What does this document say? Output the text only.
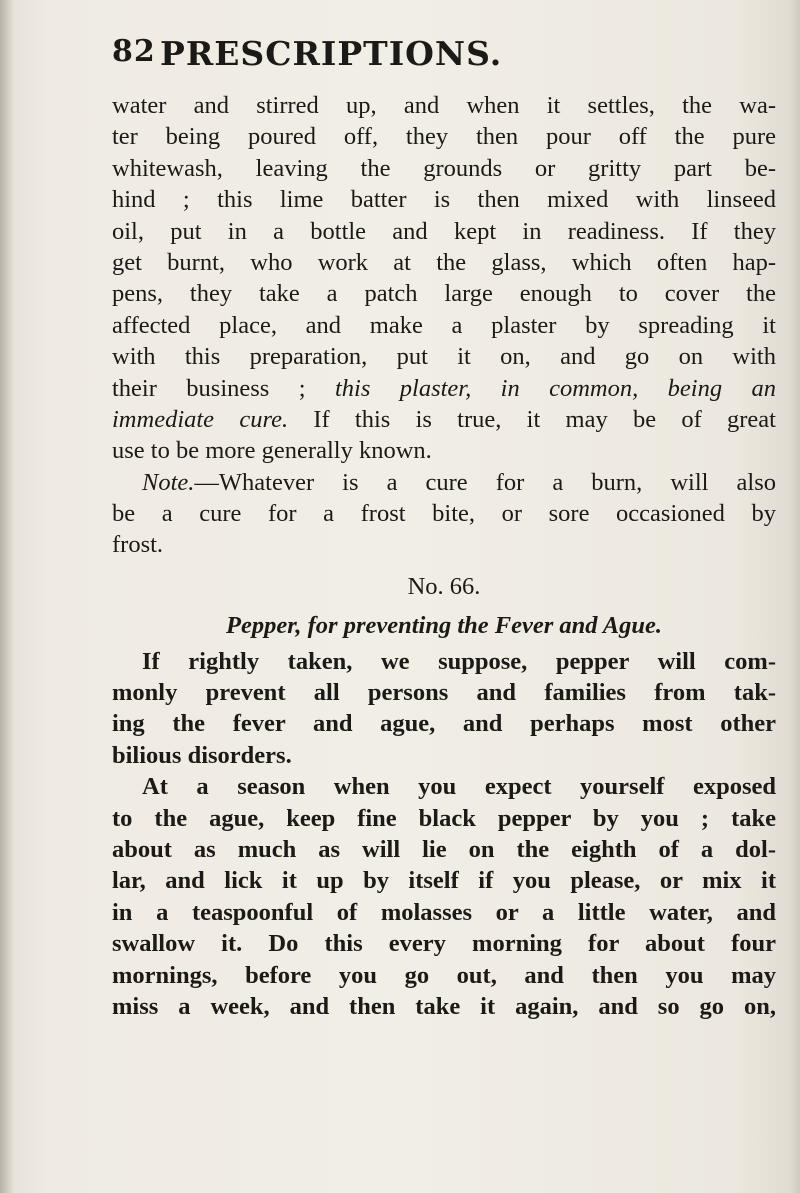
82 PRESCRIPTIONS.
water and stirred up, and when it settles, the wa-
ter being poured off, they then pour off the pure
whitewash, leaving the grounds or gritty part be-
hind ; this lime batter is then mixed with linseed
oil, put in a bottle and kept in readiness. If they
get burnt, who work at the glass, which often hap-
pens, they take a patch large enough to cover the
affected place, and make a plaster by spreading it
with this preparation, put it on, and go on with
their business ; this plaster, in common, being an
immediate cure. If this is true, it may be of great
use to be more generally known.
Note.—Whatever is a cure for a burn, will also
be a cure for a frost bite, or sore occasioned by
frost.
No. 66.
Pepper, for preventing the Fever and Ague.
If rightly taken, we suppose, pepper will com-
monly prevent all persons and families from tak-
ing the fever and ague, and perhaps most other
bilious disorders.
At a season when you expect yourself exposed
to the ague, keep fine black pepper by you ; take
about as much as will lie on the eighth of a dol-
lar, and lick it up by itself if you please, or mix it
in a teaspoonful of molasses or a little water, and
swallow it. Do this every morning for about four
mornings, before you go out, and then you may
miss a week, and then take it again, and so go on,
